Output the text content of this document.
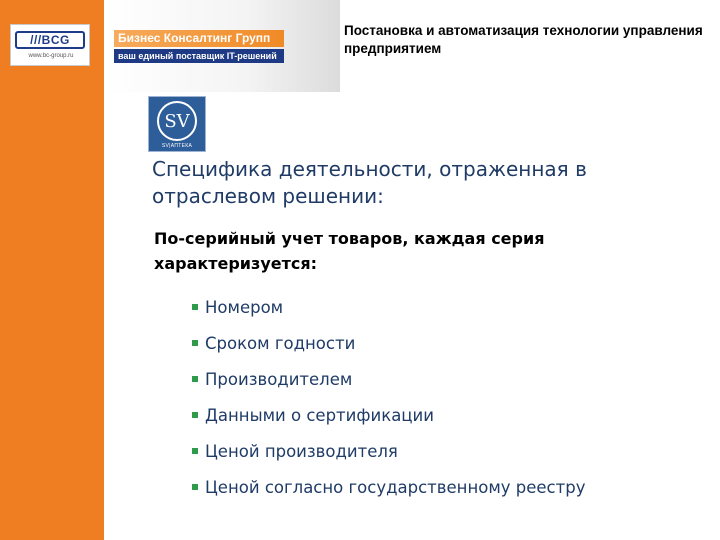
///BCG
www.bc-group.ru
Бизнес Консалтинг Групп
ваш единый поставщик IT-решений
Постановка и автоматизация технологии управления предприятием
SV
SV|АПТЕКА
Специфика деятельности, отраженная в отраслевом решении:
По-серийный учет товаров, каждая серия характеризуется:
Номером
Сроком годности
Производителем
Данными о сертификации
Ценой производителя
Ценой согласно государственному реестру
